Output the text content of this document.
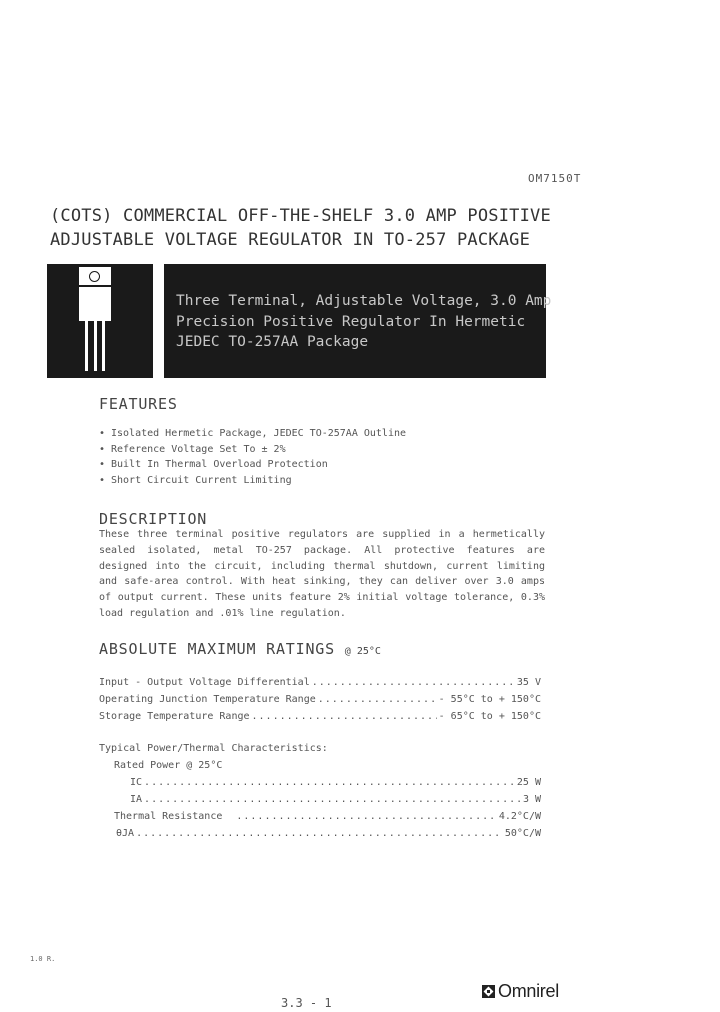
OM7150T
(COTS) COMMERCIAL OFF-THE-SHELF 3.0 AMP POSITIVE
ADJUSTABLE VOLTAGE REGULATOR IN TO-257 PACKAGE
Three Terminal, Adjustable Voltage, 3.0 Amp
Precision Positive Regulator In Hermetic
JEDEC TO-257AA Package
FEATURES
• Isolated Hermetic Package, JEDEC TO-257AA Outline
• Reference Voltage Set To ± 2%
• Built In Thermal Overload Protection
• Short Circuit Current Limiting
DESCRIPTION
These three terminal positive regulators are supplied in a hermetically sealed isolated, metal TO-257 package. All protective features are designed into the circuit, including thermal shutdown, current limiting and safe-area control. With heat sinking, they can deliver over 3.0 amps of output current. These units feature 2% initial voltage tolerance, 0.3% load regulation and .01% line regulation.
ABSOLUTE MAXIMUM RATINGS @ 25°C
Input - Output Voltage Differential .....	35 V
Operating Junction Temperature Range .....	- 55°C to + 150°C
Storage Temperature Range .....	- 65°C to + 150°C
Typical Power/Thermal Characteristics:
Rated Power @ 25°C
IC .....	25 W
IA .....	3 W
Thermal Resistance .....	4.2°C/W
θJA .....	50°C/W
1.0 R.
3.3 - 1
Omnirel
